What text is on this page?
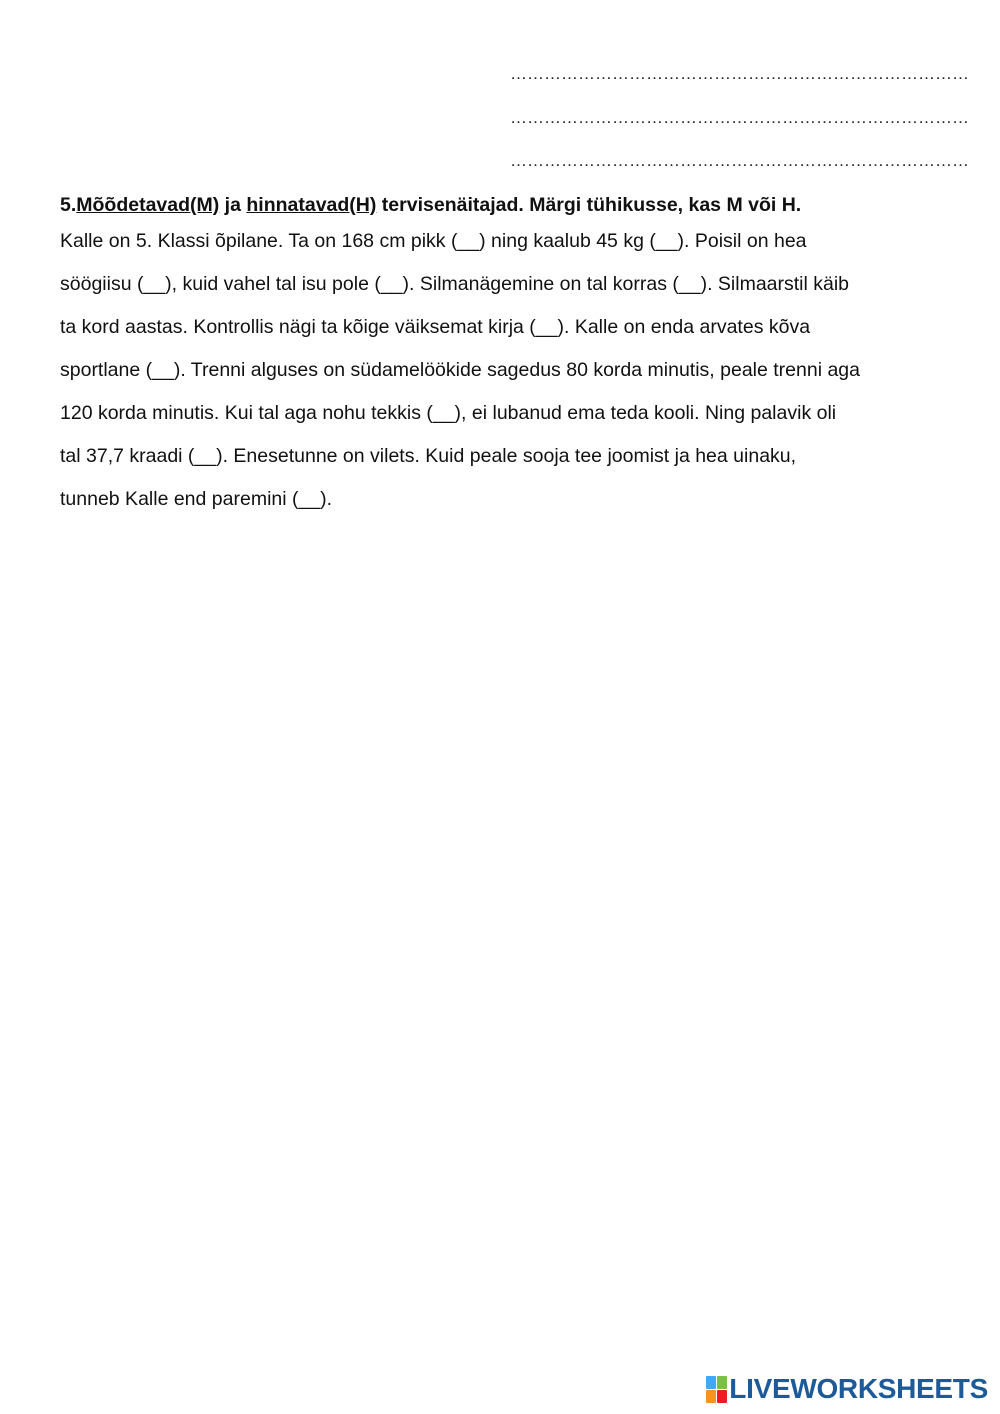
………………………………………………………………………
………………………………………………………………………
………………………………………………………………………

5.Mõõdetavad(M) ja hinnatavad(H) tervisenäitajad. Märgi tühikusse, kas M või H.

Kalle on 5. Klassi õpilane. Ta on 168 cm pikk (__) ning kaalub 45 kg (__). Poisil on hea
söögiisu (__), kuid vahel tal isu pole (__). Silmanägemine on tal korras (__). Silmaarstil käib
ta kord aastas. Kontrollis nägi ta kõige väiksemat kirja (__). Kalle on enda arvates kõva
sportlane (__). Trenni alguses on südamelöökide sagedus 80 korda minutis, peale trenni aga
120 korda minutis. Kui tal aga nohu tekkis (__), ei lubanud ema teda kooli. Ning palavik oli
tal 37,7 kraadi (__). Enesetunne on vilets. Kuid peale sooja tee joomist ja hea uinaku,
tunneb Kalle end paremini (__).

LIVEWORKSHEETS
